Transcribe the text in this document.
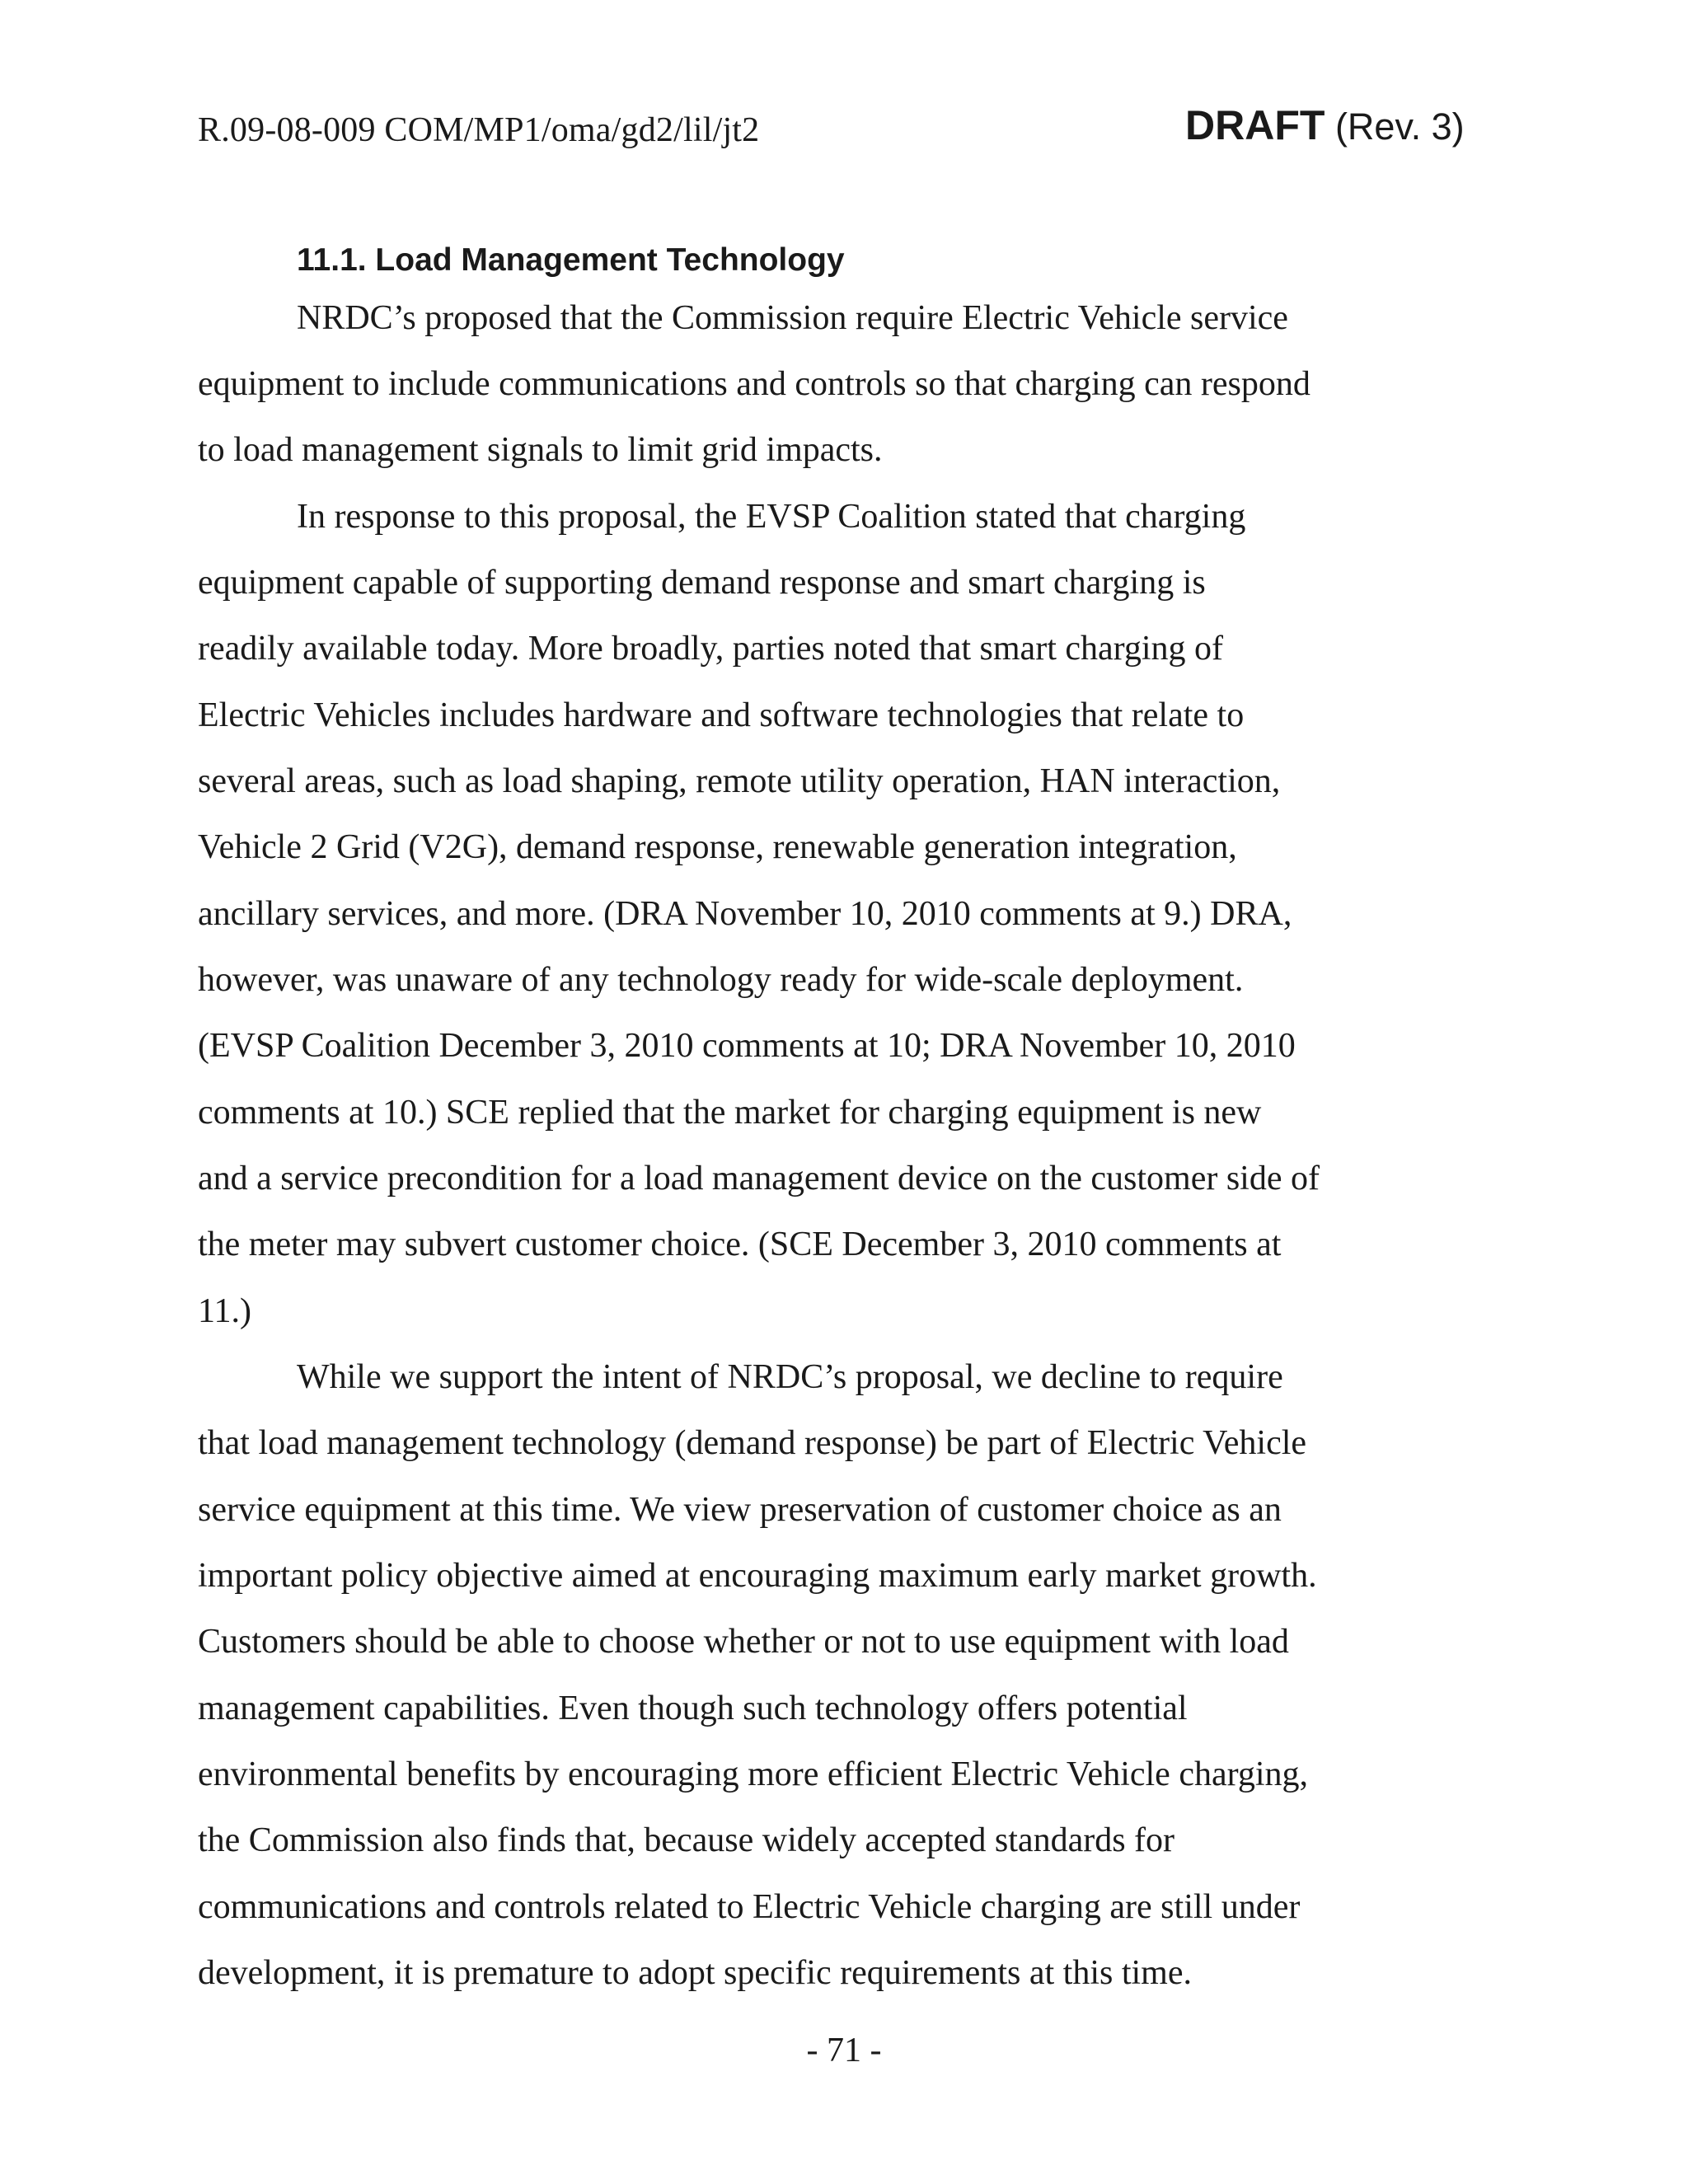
R.09-08-009 COM/MP1/oma/gd2/lil/jt2	DRAFT (Rev. 3)
11.1. Load Management Technology
NRDC’s proposed that the Commission require Electric Vehicle service
equipment to include communications and controls so that charging can respond
to load management signals to limit grid impacts.
In response to this proposal, the EVSP Coalition stated that charging
equipment capable of supporting demand response and smart charging is
readily available today. More broadly, parties noted that smart charging of
Electric Vehicles includes hardware and software technologies that relate to
several areas, such as load shaping, remote utility operation, HAN interaction,
Vehicle 2 Grid (V2G), demand response, renewable generation integration,
ancillary services, and more. (DRA November 10, 2010 comments at 9.) DRA,
however, was unaware of any technology ready for wide-scale deployment.
(EVSP Coalition December 3, 2010 comments at 10; DRA November 10, 2010
comments at 10.) SCE replied that the market for charging equipment is new
and a service precondition for a load management device on the customer side of
the meter may subvert customer choice. (SCE December 3, 2010 comments at
11.)
While we support the intent of NRDC’s proposal, we decline to require
that load management technology (demand response) be part of Electric Vehicle
service equipment at this time. We view preservation of customer choice as an
important policy objective aimed at encouraging maximum early market growth.
Customers should be able to choose whether or not to use equipment with load
management capabilities. Even though such technology offers potential
environmental benefits by encouraging more efficient Electric Vehicle charging,
the Commission also finds that, because widely accepted standards for
communications and controls related to Electric Vehicle charging are still under
development, it is premature to adopt specific requirements at this time.
- 71 -
